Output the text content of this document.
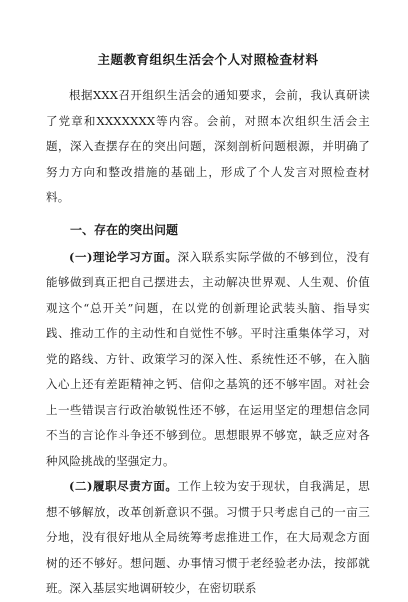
主题教育组织生活会个人对照检查材料

根据XXX召开组织生活会的通知要求，会前，我认真研读了党章和XXXXXXX等内容。会前，对照本次组织生活会主题，深入查摆存在的突出问题，深刻剖析问题根源，并明确了努力方向和整改措施的基础上，形成了个人发言对照检查材料。

一、存在的突出问题

(一)理论学习方面。深入联系实际学做的不够到位，没有能够做到真正把自己摆进去，主动解决世界观、人生观、价值观这个“总开关”问题，在以党的创新理论武装头脑、指导实践、推动工作的主动性和自觉性不够。平时注重集体学习，对党的路线、方针、政策学习的深入性、系统性还不够，在入脑入心上还有差距精神之钙、信仰之基筑的还不够牢固。对社会上一些错误言行政治敏锐性还不够，在运用坚定的理想信念同不当的言论作斗争还不够到位。思想眼界不够宽，缺乏应对各种风险挑战的坚强定力。

(二)履职尽责方面。工作上较为安于现状，自我满足，思想不够解放，改革创新意识不强。习惯于只考虑自己的一亩三分地，没有很好地从全局统筹考虑推进工作，在大局观念方面树的还不够好。想问题、办事情习惯于老经验老办法，按部就班。深入基层实地调研较少，在密切联系
